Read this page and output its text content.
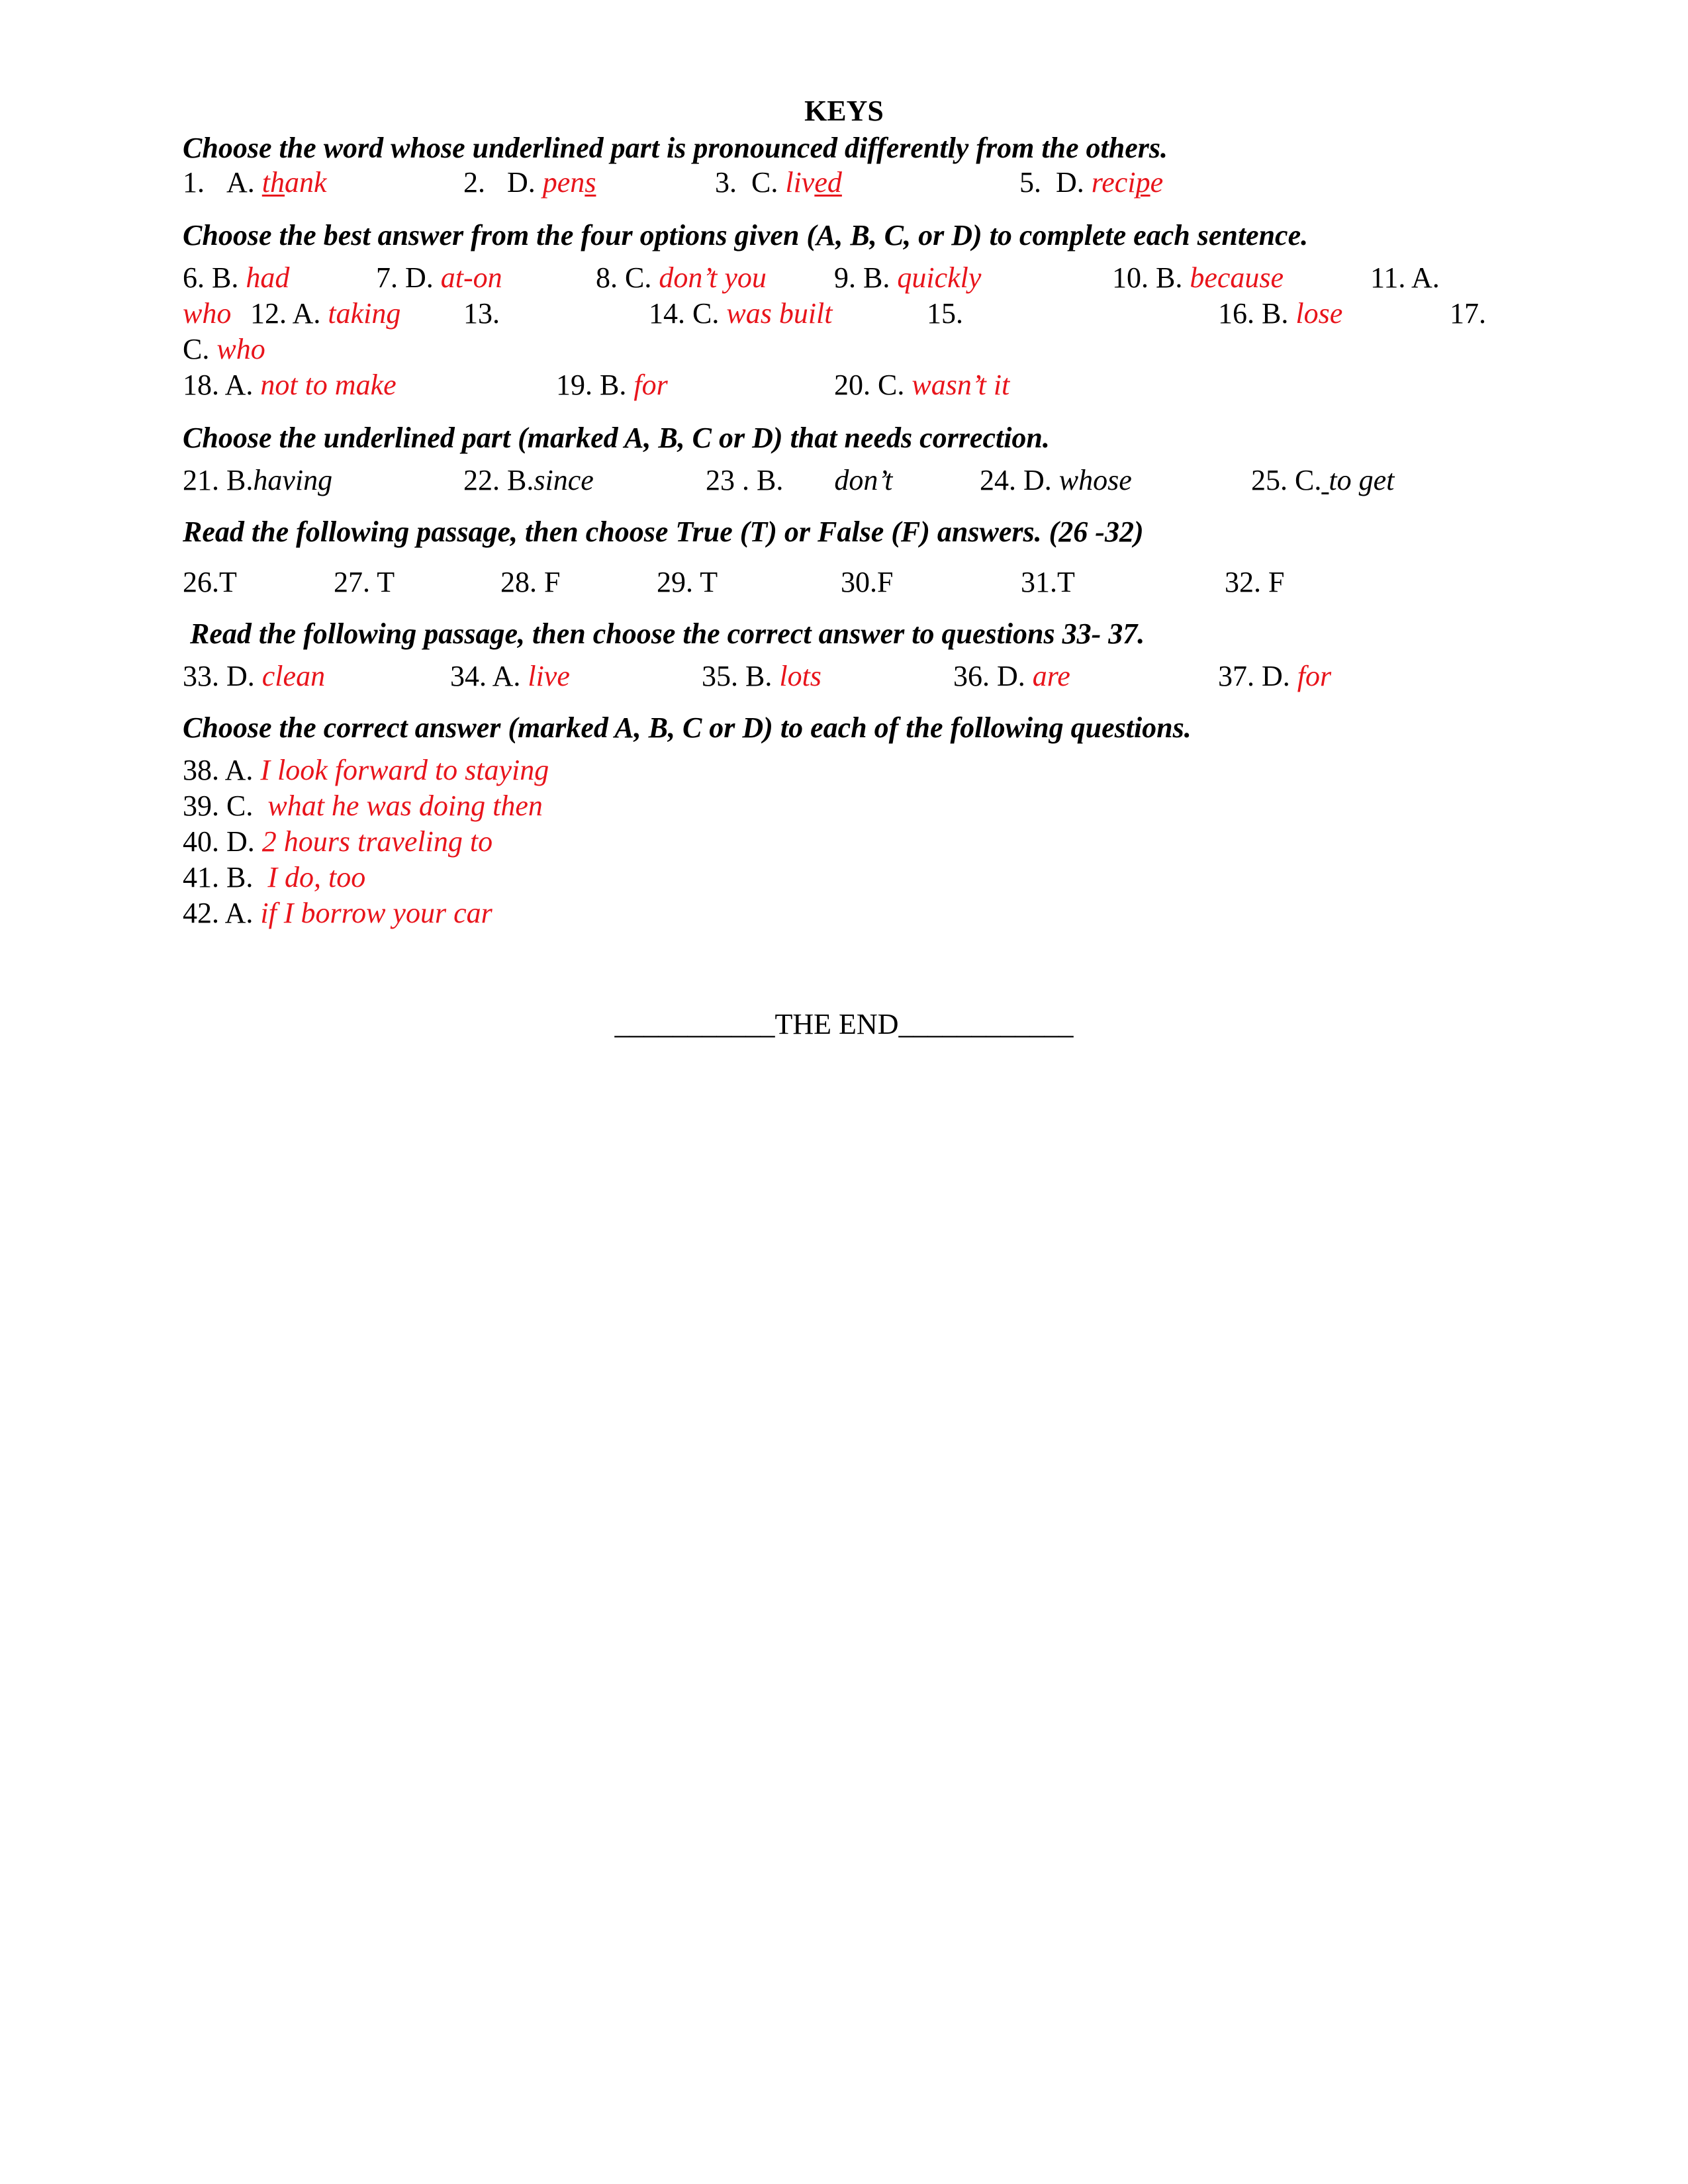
KEYS
Choose the word whose underlined part is pronounced differently from the others.
1. A. thank	2. D. pens	3. C. lived	5. D. recipe
Choose the best answer from the four options given (A, B, C, or D) to complete each sentence.
6. B. had	7. D. at-on	8. C. don’t you 9. B. quickly	10. B. because	11. A.
who 12. A. taking 13.	14. C. was built	15.	16. B. lose	17.
C. who
18. A. not to make	19. B. for	20. C. wasn’t it
Choose the underlined part (marked A, B, C or D) that needs correction.
21. B.having	22. B.since	23 . B. don’t	24. D. whose	25. C. to get
Read the following passage, then choose True (T) or False (F) answers. (26 -32)
26.T	27. T	28. F	29. T	30.F	31.T	32. F
Read the following passage, then choose the correct answer to questions 33- 37.
33. D. clean	34. A. live	35. B. lots	36. D. are	37. D. for
Choose the correct answer (marked A, B, C or D) to each of the following questions.
38. A. I look forward to staying
39. C. what he was doing then
40. D. 2 hours traveling to
41. B. I do, too
42. A. if I borrow your car
___________THE END____________
